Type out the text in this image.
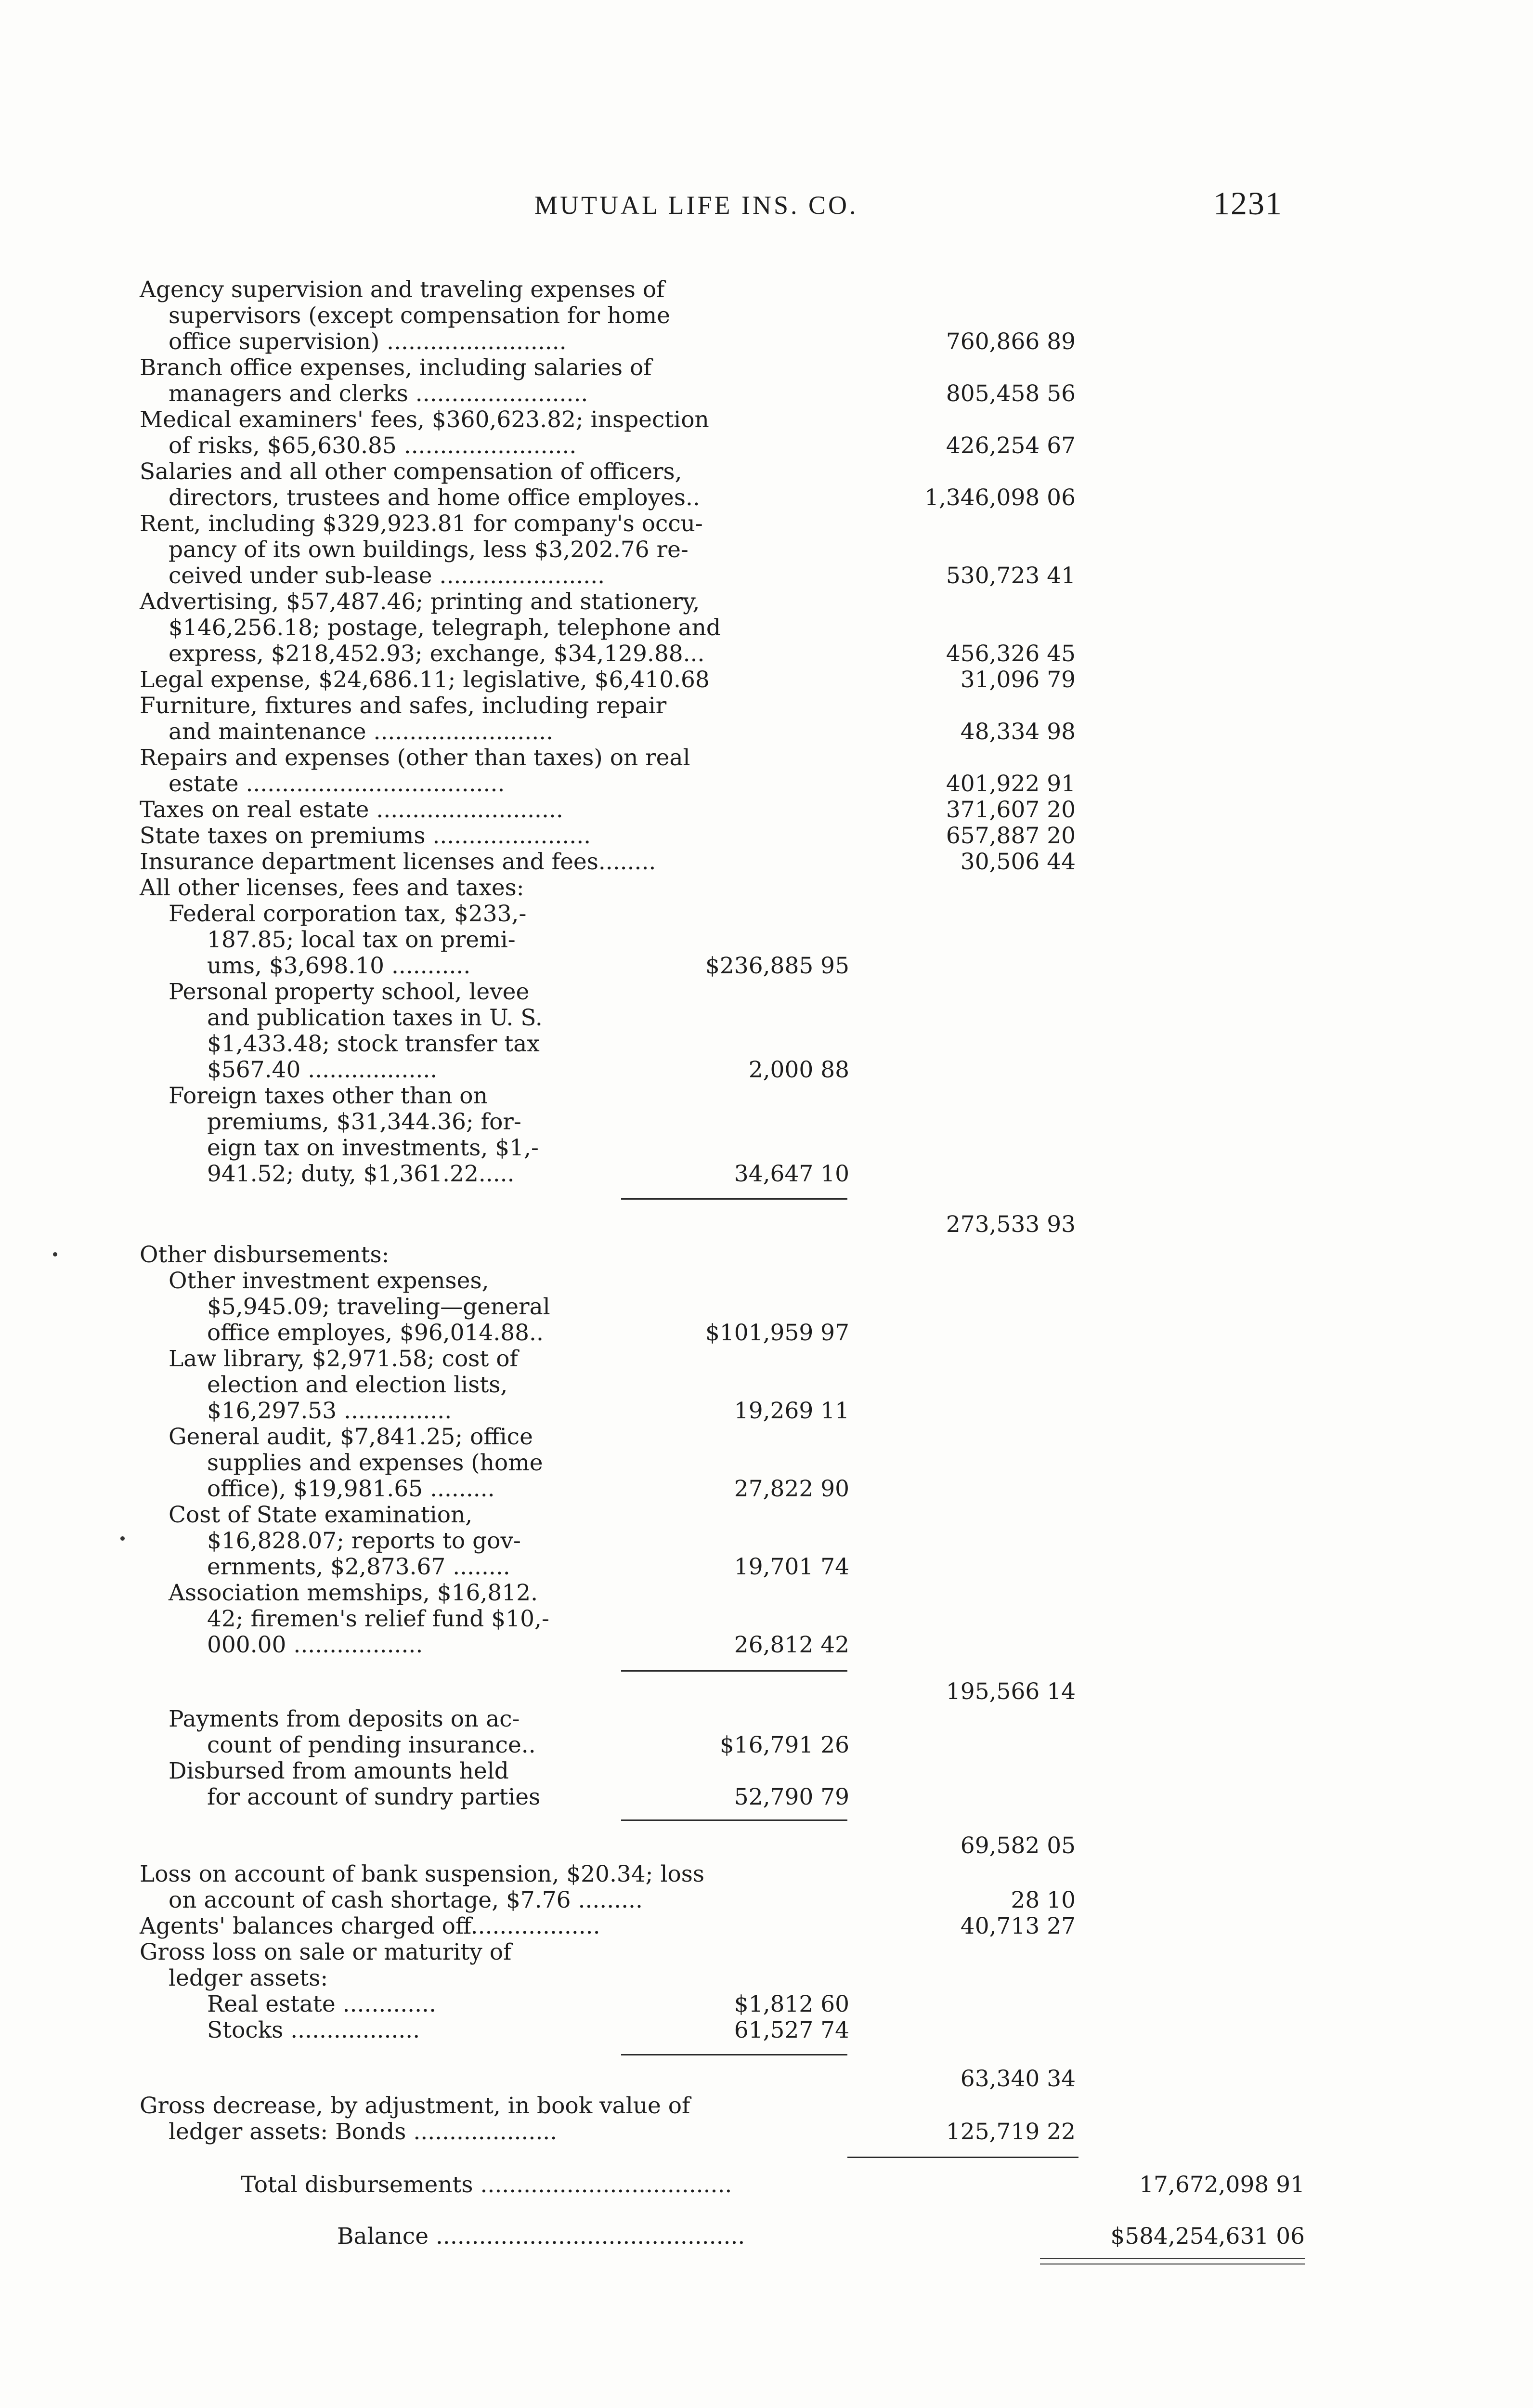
MUTUAL LIFE INS. CO.	1231
Agency supervision and traveling expenses of
supervisors (except compensation for home
office supervision) .........................	760,866 89
Branch office expenses, including salaries of
managers and clerks ........................	805,458 56
Medical examiners' fees, $360,623.82; inspection
of risks, $65,630.85 ........................	426,254 67
Salaries and all other compensation of officers,
directors, trustees and home office employes..	1,346,098 06
Rent, including $329,923.81 for company's occu-
pancy of its own buildings, less $3,202.76 re-
ceived under sub-lease .......................	530,723 41
Advertising, $57,487.46; printing and stationery,
$146,256.18; postage, telegraph, telephone and
express, $218,452.93; exchange, $34,129.88...	456,326 45
Legal expense, $24,686.11; legislative, $6,410.68	31,096 79
Furniture, fixtures and safes, including repair
and maintenance .........................	48,334 98
Repairs and expenses (other than taxes) on real
estate ....................................	401,922 91
Taxes on real estate ..........................	371,607 20
State taxes on premiums ......................	657,887 20
Insurance department licenses and fees........	30,506 44
All other licenses, fees and taxes:
Federal corporation tax, $233,-
187.85; local tax on premi-
ums, $3,698.10 ...........	$236,885 95
Personal property school, levee
and publication taxes in U. S.
$1,433.48; stock transfer tax
$567.40 ..................	2,000 88
Foreign taxes other than on
premiums, $31,344.36; for-
eign tax on investments, $1,-
941.52; duty, $1,361.22.....	34,647 10
273,533 93
Other disbursements:
Other investment expenses,
$5,945.09; traveling—general
office employes, $96,014.88..	$101,959 97
Law library, $2,971.58; cost of
election and election lists,
$16,297.53 ...............	19,269 11
General audit, $7,841.25; office
supplies and expenses (home
office), $19,981.65 .........	27,822 90
Cost of State examination,
$16,828.07; reports to gov-
ernments, $2,873.67 ........	19,701 74
Association memships, $16,812.
42; firemen's relief fund $10,-
000.00 ..................	26,812 42
195,566 14
Payments from deposits on ac-
count of pending insurance..	$16,791 26
Disbursed from amounts held
for account of sundry parties	52,790 79
69,582 05
Loss on account of bank suspension, $20.34; loss
on account of cash shortage, $7.76 .........	28 10
Agents' balances charged off..................	40,713 27
Gross loss on sale or maturity of
ledger assets:
Real estate .............	$1,812 60
Stocks ..................	61,527 74
63,340 34
Gross decrease, by adjustment, in book value of
ledger assets: Bonds ....................	125,719 22
Total disbursements ...................................	17,672,098 91
Balance ...........................................	$584,254,631 06
